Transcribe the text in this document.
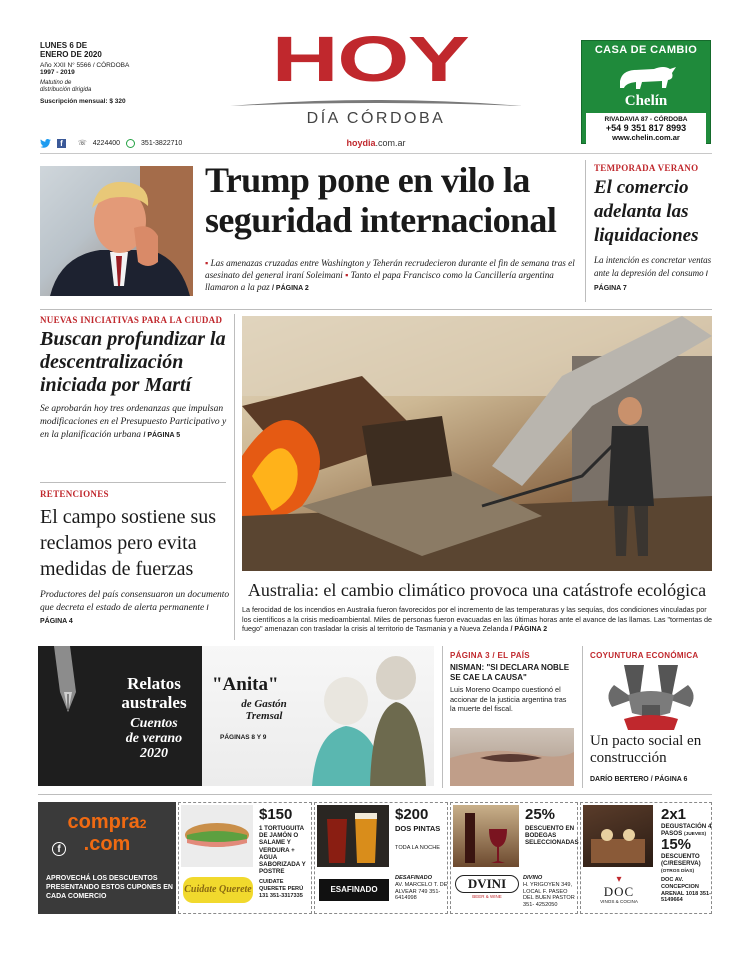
LUNES 6 DE
ENERO DE 2020
Año XXII N° 5566 / CÓRDOBA
1997 - 2019
Matutino de
distribución dirigida
Suscripción mensual: $ 320
f	☏ 4224400	351-3822710
HOY
DÍA CÓRDOBA
hoydia.com.ar
CASA DE CAMBIO
Chelín
RIVADAVIA 87 - CÓRDOBA
+54 9 351 817 8993
www.chelin.com.ar
Trump pone en vilo la
seguridad internacional
▪ Las amenazas cruzadas entre Washington y Teherán recrudecieron durante el fin de semana tras el asesinato del general iraní Soleimani ▪ Tanto el papa Francisco como la Cancillería argentina llamaron a la paz / PÁGINA 2
TEMPORADA VERANO
El comercio adelanta las liquidaciones
La intención es concretar ventas ante la depresión del consumo / PÁGINA 7
NUEVAS INICIATIVAS PARA LA CIUDAD
Buscan profundizar la descentralización iniciada por Martí
Se aprobarán hoy tres ordenanzas que impulsan modificaciones en el Presupuesto Participativo y en la planificación urbana / PÁGINA 5
RETENCIONES
El campo sostiene sus reclamos pero evita medidas de fuerzas
Productores del país consensuaron un documento que decreta el estado de alerta permanente / PÁGINA 4
Australia: el cambio climático provoca una catástrofe ecológica
La ferocidad de los incendios en Australia fueron favorecidos por el incremento de las temperaturas y las sequías, dos condiciones vinculadas por los científicos a la crisis medioambiental. Miles de personas fueron evacuadas en las últimas horas ante el avance de las llamas. Las "tormentas de fuego" amenazan con trasladar la crisis al territorio de Tasmania y a Nueva Zelanda / PÁGINA 2
Relatos
australes
Cuentos
de verano
2020
"Anita"
de Gastón
Tremsal
PÁGINAS 8 Y 9
PÁGINA 3 / EL PAÍS
NISMAN: "SI DECLARA NOBLE SE CAE LA CAUSA"
Luis Moreno Ocampo cuestionó el accionar de la justicia argentina tras la muerte del fiscal.
COYUNTURA ECONÓMICA
Un pacto social en construcción
DARÍO BERTERO / PÁGINA 6
compra2
.com
f
APROVECHÁ LOS DESCUENTOS PRESENTANDO ESTOS CUPONES EN CADA COMERCIO
$150
1 TORTUGUITA DE JAMÓN O SALAME Y VERDURA + AGUA SABORIZADA Y POSTRE
Cuidate Querete
CUIDATE QUERETE PERÚ 131 351-3317335
$200
DOS PINTAS
TODA LA NOCHE
ESAFINADO
DESAFINADO
AV. MARCELO T. DE ALVEAR 749 351-6414998
25%
DESCUENTO EN BODEGAS SELECCIONADAS
DVINI
BEER & WINE
DIVINO
H. YRIGOYEN 349, LOCAL F. PASEO DEL BUEN PASTOR 351- 4252050
2x1
DEGUSTACIÓN 4 PASOS (JUEVES)
15%
DESCUENTO (C/RESERVA) (OTROS DÍAS)
▾
DOC
VINOS & COCINA
DOC AV. CONCEPCION ARENAL 1018 351-5149664
